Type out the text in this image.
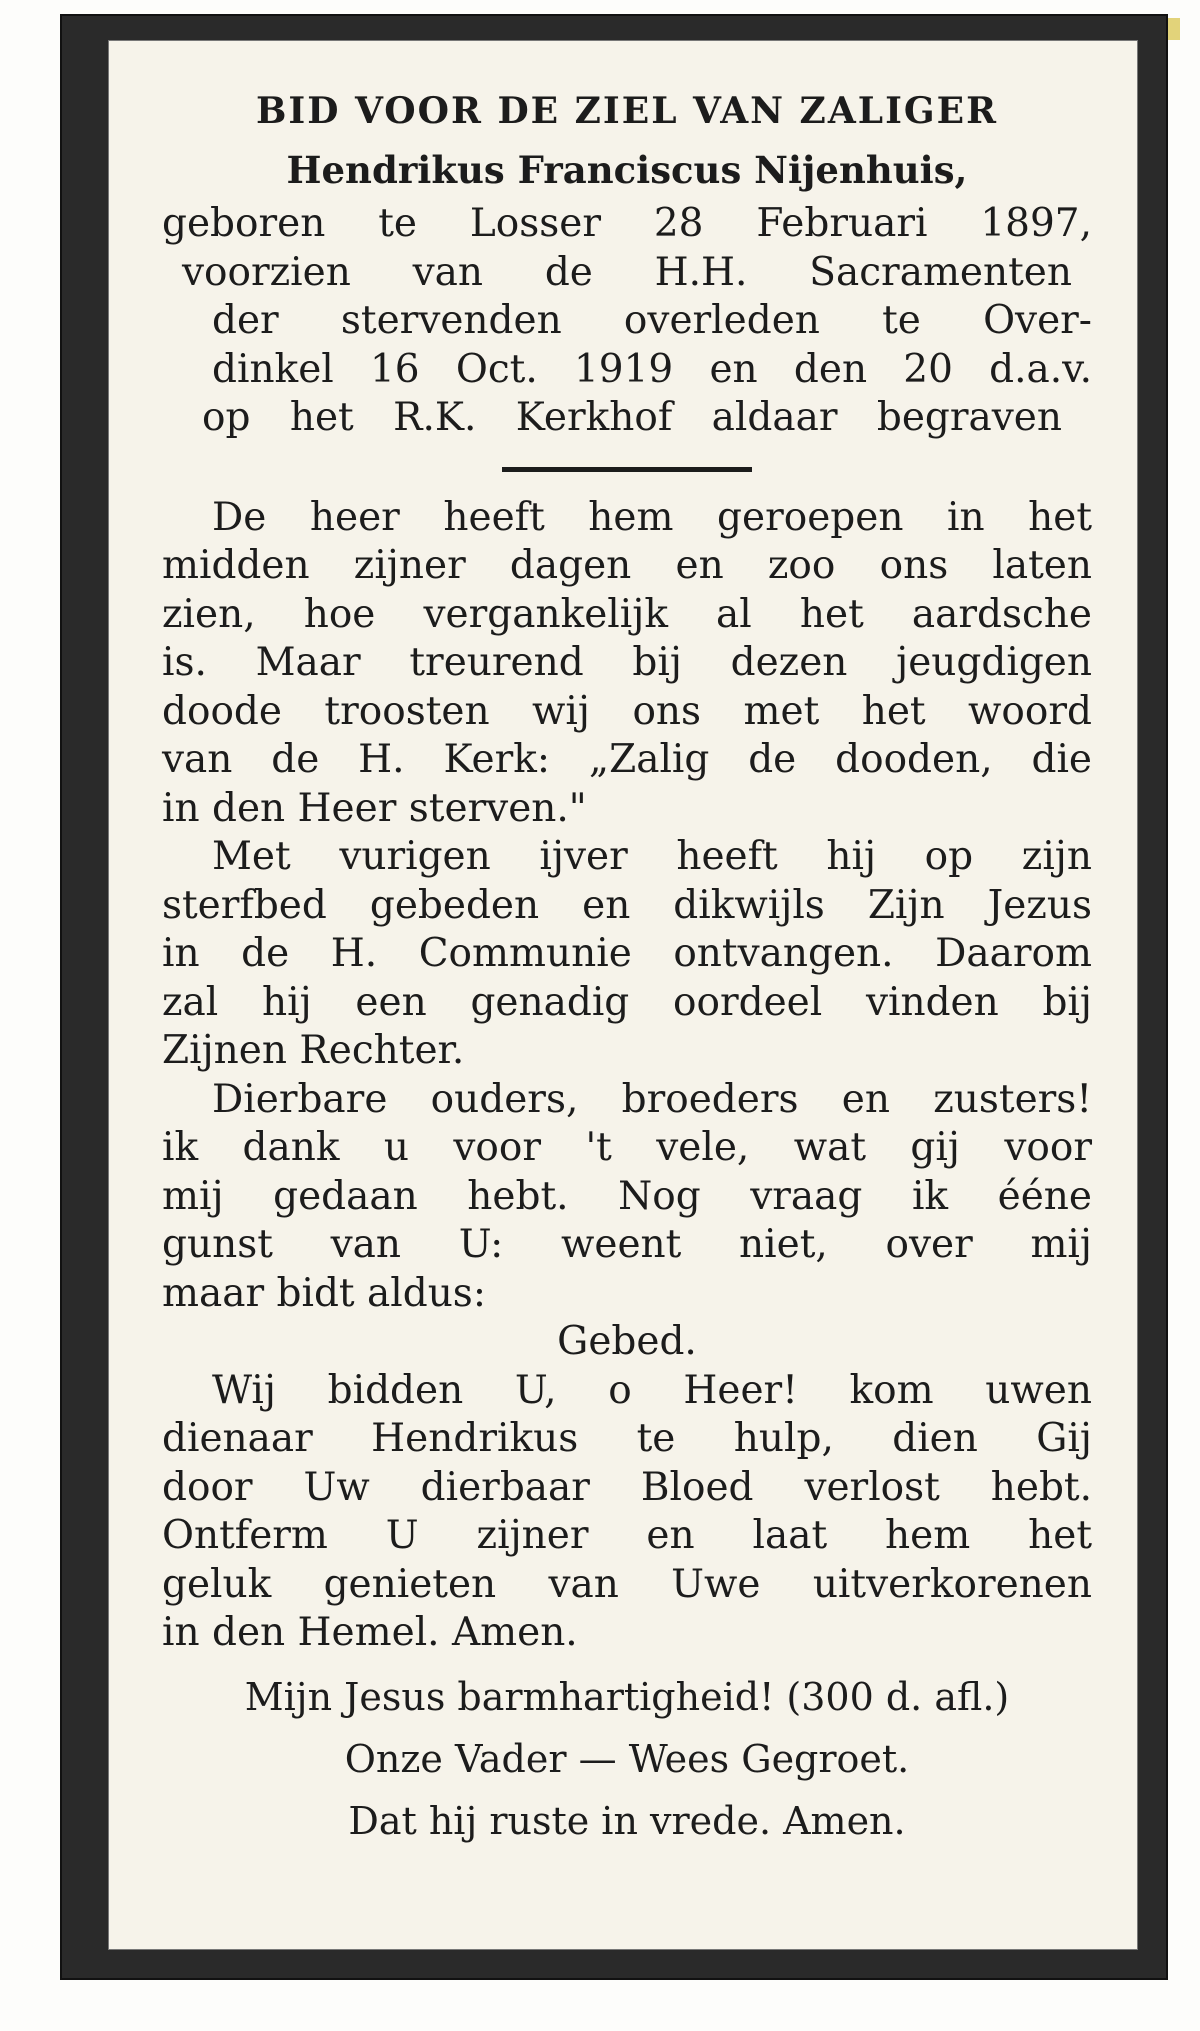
BID VOOR DE ZIEL VAN ZALIGER
Hendrikus Franciscus Nijenhuis,
geboren te Losser 28 Februari 1897,
voorzien van de H.H. Sacramenten
der stervenden overleden te Over-
dinkel 16 Oct. 1919 en den 20 d.a.v.
op het R.K. Kerkhof aldaar begraven
De heer heeft hem geroepen in het
midden zijner dagen en zoo ons laten
zien, hoe vergankelijk al het aardsche
is. Maar treurend bij dezen jeugdigen
doode troosten wij ons met het woord
van de H. Kerk: „Zalig de dooden, die
in den Heer sterven."
Met vurigen ijver heeft hij op zijn
sterfbed gebeden en dikwijls Zijn Jezus
in de H. Communie ontvangen. Daarom
zal hij een genadig oordeel vinden bij
Zijnen Rechter.
Dierbare ouders, broeders en zusters!
ik dank u voor 't vele, wat gij voor
mij gedaan hebt. Nog vraag ik ééne
gunst van U: weent niet, over mij
maar bidt aldus:
Gebed.
Wij bidden U, o Heer! kom uwen
dienaar Hendrikus te hulp, dien Gij
door Uw dierbaar Bloed verlost hebt.
Ontferm U zijner en laat hem het
geluk genieten van Uwe uitverkorenen
in den Hemel. Amen.
Mijn Jesus barmhartigheid! (300 d. afl.)
Onze Vader — Wees Gegroet.
Dat hij ruste in vrede. Amen.
